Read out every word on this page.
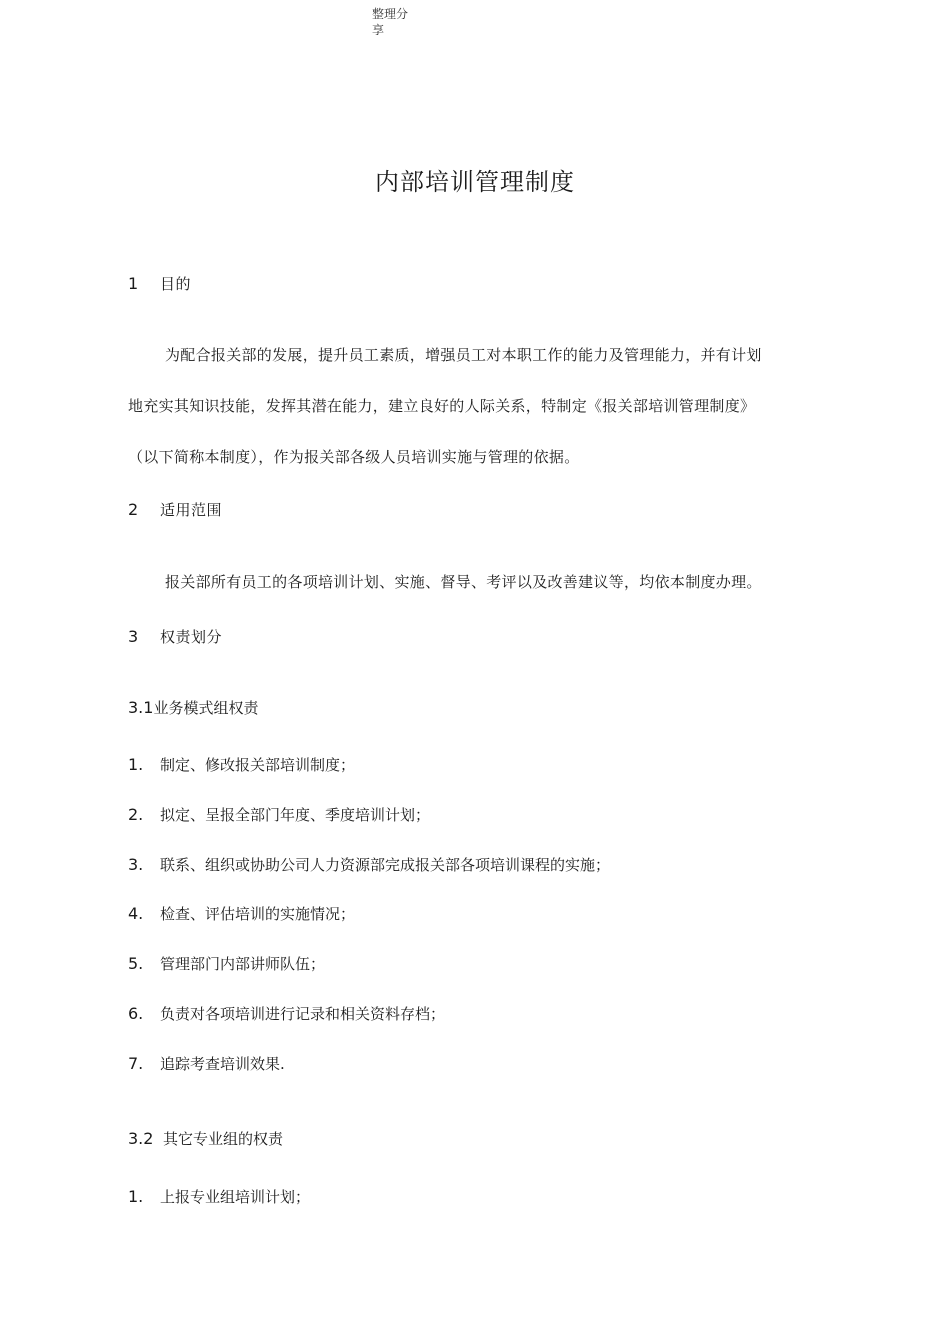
整理分
享
内部培训管理制度
1 目的
为配合报关部的发展，提升员工素质，增强员工对本职工作的能力及管理能力，并有计划
地充实其知识技能，发挥其潜在能力，建立良好的人际关系，特制定《报关部培训管理制度》
（以下简称本制度），作为报关部各级人员培训实施与管理的依据。
2 适用范围
报关部所有员工的各项培训计划、实施、督导、考评以及改善建议等，均依本制度办理。
3 权责划分
3.1业务模式组权责
1. 制定、修改报关部培训制度；
2. 拟定、呈报全部门年度、季度培训计划；
3. 联系、组织或协助公司人力资源部完成报关部各项培训课程的实施；
4. 检查、评估培训的实施情况；
5. 管理部门内部讲师队伍；
6. 负责对各项培训进行记录和相关资料存档；
7. 追踪考查培训效果.
3.2 其它专业组的权责
1. 上报专业组培训计划；
